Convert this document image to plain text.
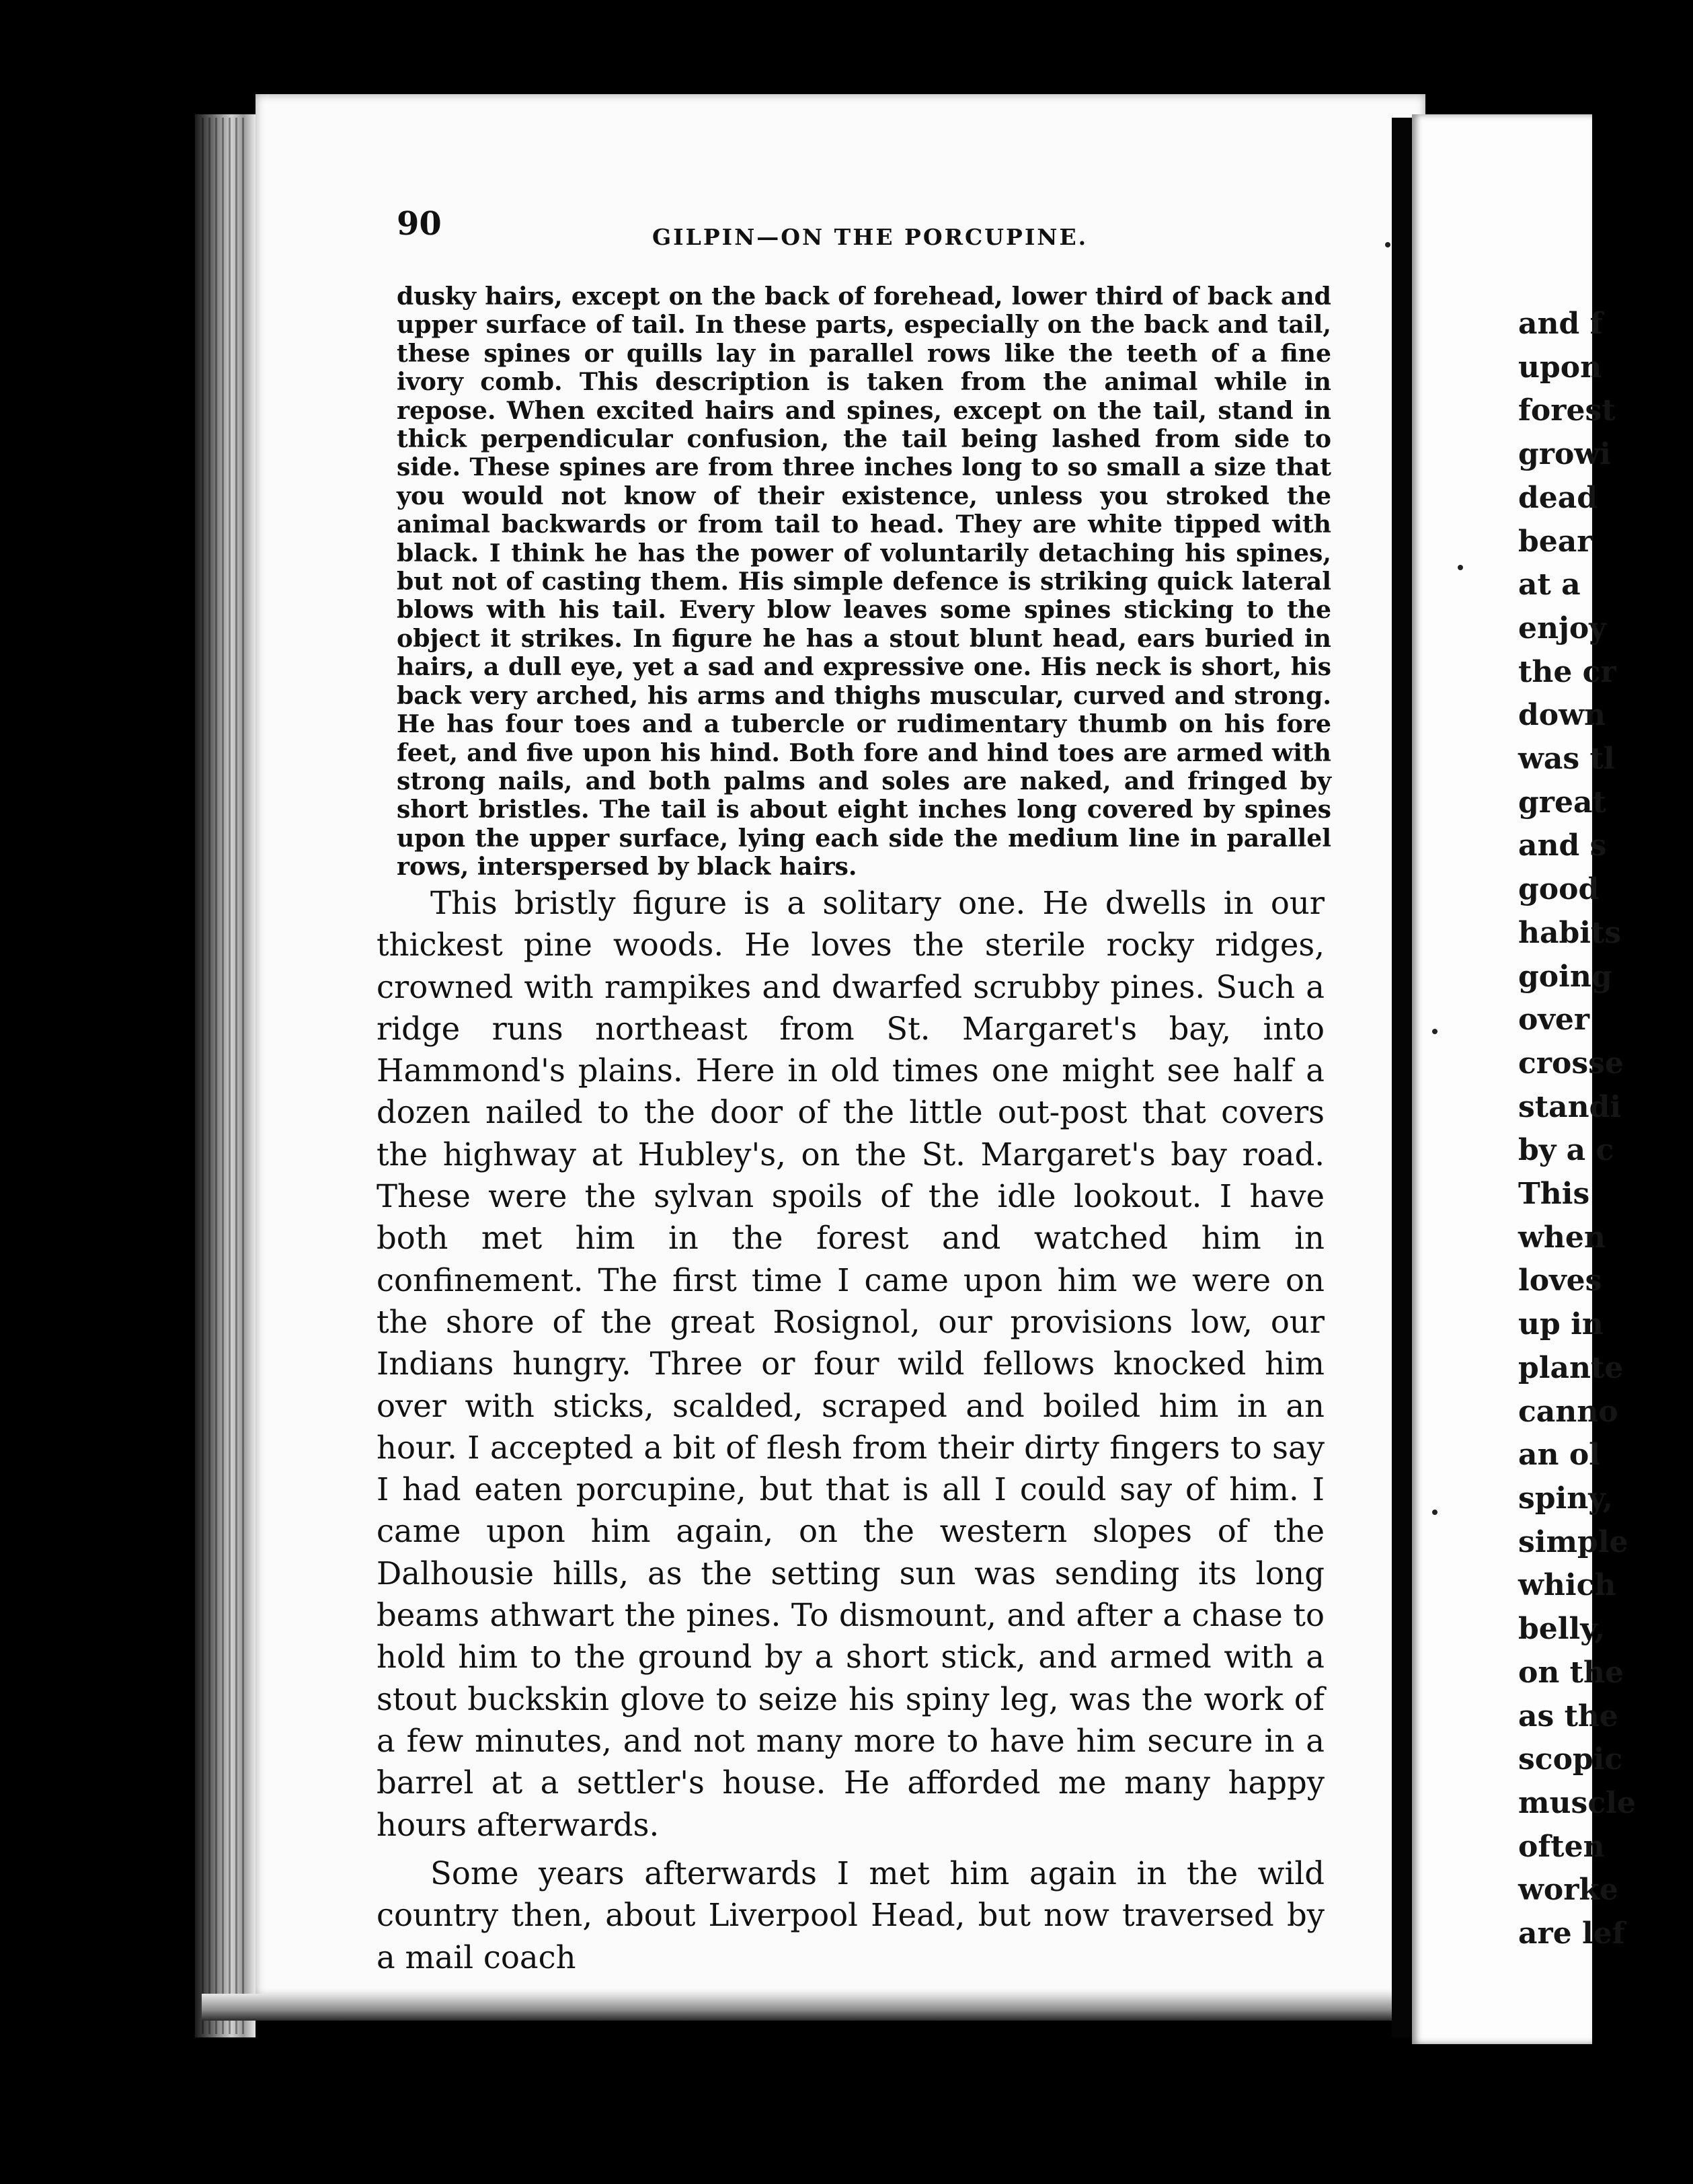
90	GILPIN—ON THE PORCUPINE.

dusky hairs, except on the back of forehead, lower third of back and upper surface of tail. In these parts, especially on the back and tail, these spines or quills lay in parallel rows like the teeth of a fine ivory comb. This description is taken from the animal while in repose. When excited hairs and spines, except on the tail, stand in thick perpendicular confusion, the tail being lashed from side to side. These spines are from three inches long to so small a size that you would not know of their existence, unless you stroked the animal backwards or from tail to head. They are white tipped with black. I think he has the power of voluntarily detaching his spines, but not of casting them. His simple defence is striking quick lateral blows with his tail. Every blow leaves some spines sticking to the object it strikes. In figure he has a stout blunt head, ears buried in hairs, a dull eye, yet a sad and expressive one. His neck is short, his back very arched, his arms and thighs muscular, curved and strong. He has four toes and a tubercle or rudimentary thumb on his fore feet, and five upon his hind. Both fore and hind toes are armed with strong nails, and both palms and soles are naked, and fringed by short bristles. The tail is about eight inches long covered by spines upon the upper surface, lying each side the medium line in parallel rows, interspersed by black hairs.

This bristly figure is a solitary one. He dwells in our thickest pine woods. He loves the sterile rocky ridges, crowned with rampikes and dwarfed scrubby pines. Such a ridge runs northeast from St. Margaret's bay, into Hammond's plains. Here in old times one might see half a dozen nailed to the door of the little out-post that covers the highway at Hubley's, on the St. Margaret's bay road. These were the sylvan spoils of the idle lookout. I have both met him in the forest and watched him in confinement. The first time I came upon him we were on the shore of the great Rosignol, our provisions low, our Indians hungry. Three or four wild fellows knocked him over with sticks, scalded, scraped and boiled him in an hour. I accepted a bit of flesh from their dirty fingers to say I had eaten porcupine, but that is all I could say of him. I came upon him again, on the western slopes of the Dalhousie hills, as the setting sun was sending its long beams athwart the pines. To dismount, and after a chase to hold him to the ground by a short stick, and armed with a stout buckskin glove to seize his spiny leg, was the work of a few minutes, and not many more to have him secure in a barrel at a settler's house. He afforded me many happy hours afterwards.

Some years afterwards I met him again in the wild country then, about Liverpool Head, but now traversed by a mail coach

and f
upon
forest
growi
dead
bear
at a
enjoy
the cr
down
was tl
great
and s
good
habits
going
over
crosse
standi
by a c
This
when
loves
up in
plante
canno
an ol
spiny,
simple
which
belly,
on the
as the
scopic
muscle
often
worke
are lef
